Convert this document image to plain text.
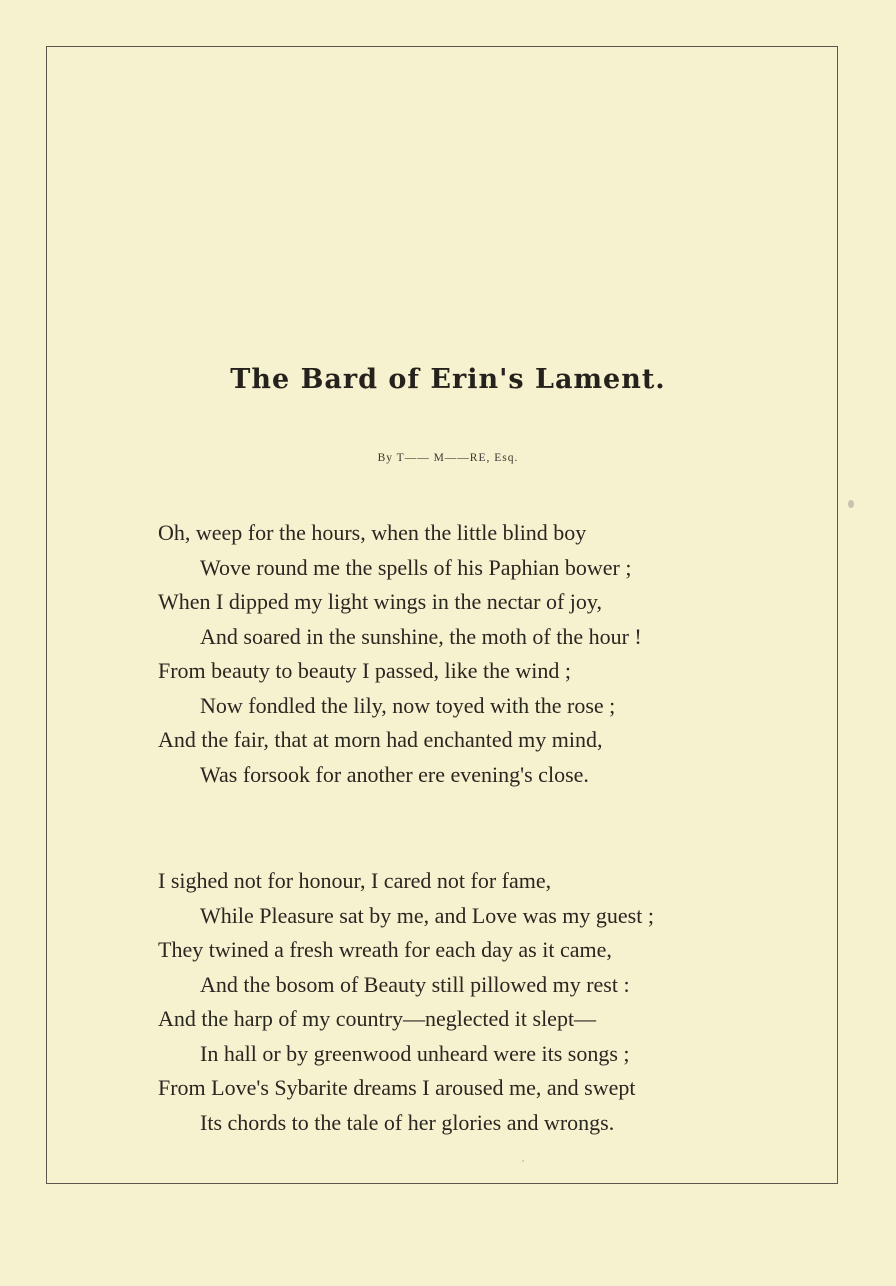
The Bard of Erin's Lament.
By T—— M——RE, Esq.
Oh, weep for the hours, when the little blind boy
Wove round me the spells of his Paphian bower ;
When I dipped my light wings in the nectar of joy,
And soared in the sunshine, the moth of the hour !
From beauty to beauty I passed, like the wind ;
Now fondled the lily, now toyed with the rose ;
And the fair, that at morn had enchanted my mind,
Was forsook for another ere evening's close.
I sighed not for honour, I cared not for fame,
While Pleasure sat by me, and Love was my guest ;
They twined a fresh wreath for each day as it came,
And the bosom of Beauty still pillowed my rest :
And the harp of my country—neglected it slept—
In hall or by greenwood unheard were its songs ;
From Love's Sybarite dreams I aroused me, and swept
Its chords to the tale of her glories and wrongs.
